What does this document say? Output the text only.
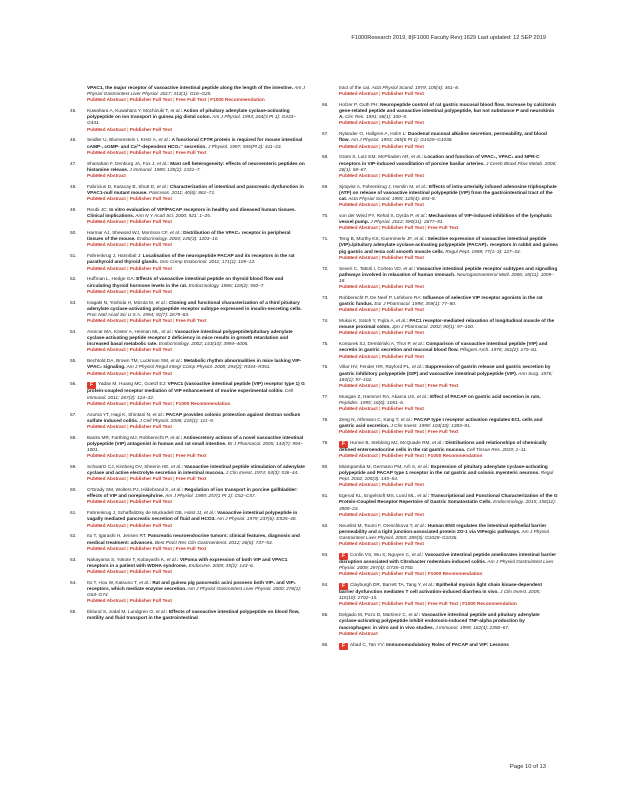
F1000Research 2019, 8(F1000 Faculty Rev):1629 Last updated: 12 SEP 2019
VPAC1, the major receptor of vasoactive intestinal peptide along the length of the intestine. Am J Physiol Gastrointest Liver Physiol. 2017; 313(1): G16–G25.
PubMed Abstract | Publisher Full Text | Free Full Text | F1000 Recommendation
45.	Kuwahara A, Kuwahara Y, Mochizuki T, et al.: Action of pituitary adenylate cyclase-activating polypeptide on ion transport in guinea pig distal colon. Am J Physiol. 1993; 264(3 Pt 1): G433–G441.
PubMed Abstract | Publisher Full Text
46.	Seidler U, Blumenstein I, Kretz A, et al.: A functional CFTR protein is required for mouse intestinal cAMP-, cGMP- and Ca²⁺-dependent HCO₃⁻ secretion. J Physiol. 1997; 505(Pt 2): 411–23.
PubMed Abstract | Publisher Full Text | Free Full Text
47.	Shanahan F, Denburg JA, Fox J, et al.: Mast cell heterogeneity: effects of neuroenteric peptides on histamine release. J Immunol. 1985; 135(2): 1331–7.
PubMed Abstract
48.	Fabricius D, Karacay B, Shutt D, et al.: Characterization of intestinal and pancreatic dysfunction in VPAC1-null mutant mouse. Pancreas. 2011; 40(6): 861–71.
PubMed Abstract | Publisher Full Text
49.	Reubi JC: In vitro evaluation of VIP/PACAP receptors in healthy and diseased human tissues. Clinical implications. Ann N Y Acad Sci. 2000; 921: 1–25.
PubMed Abstract | Publisher Full Text
50.	Harmar AJ, Sheward WJ, Morrison CF, et al.: Distribution of the VPAC₂ receptor in peripheral tissues of the mouse. Endocrinology. 2004; 145(3): 1203–10.
PubMed Abstract | Publisher Full Text
51.	Fahrenkrug J, Hannibal J: Localisation of the neuropeptide PACAP and its receptors in the rat parathyroid and thyroid glands. Gen Comp Endocrinol. 2011; 171(1): 105–13.
PubMed Abstract | Publisher Full Text
52.	Huffman L, Hedge GA: Effects of vasoactive intestinal peptide on thyroid blood flow and circulating thyroid hormone levels in the rat. Endocrinology. 1986; 118(2): 550–7.
PubMed Abstract | Publisher Full Text
53.	Inagaki N, Yoshida H, Mizuta M, et al.: Cloning and functional characterization of a third pituitary adenylate cyclase-activating polypeptide receptor subtype expressed in insulin-secreting cells. Proc Natl Acad Sci U S A. 1994; 91(7): 2679–83.
PubMed Abstract | Publisher Full Text | Free Full Text
54.	Asnicar MA, Köster A, Heiman ML, et al.: Vasoactive intestinal polypeptide/pituitary adenylate cyclase-activating peptide receptor 2 deficiency in mice results in growth retardation and increased basal metabolic rate. Endocrinology. 2002; 143(10): 3994–4006.
PubMed Abstract | Publisher Full Text
55.	Bechtold DA, Brown TM, Luckman SM, et al.: Metabolic rhythm abnormalities in mice lacking VIP-VPAC₂ signaling. Am J Physiol Regul Integr Comp Physiol. 2008; 294(2): R344–R351.
PubMed Abstract | Publisher Full Text
56.	F Yadav M, Huang MC, Goetzl EJ: VPAC1 (vasoactive intestinal peptide (VIP) receptor type 1) G protein-coupled receptor mediation of VIP enhancement of murine experimental colitis. Cell Immunol. 2011; 267(2): 124–32.
PubMed Abstract | Publisher Full Text | F1000 Recommendation
57.	Azuma YT, Hagi K, Shintani N, et al.: PACAP provides colonic protection against dextran sodium sulfate induced colitis. J Cell Physiol. 2008; 216(1): 111–9.
PubMed Abstract | Publisher Full Text
58.	Banks MR, Farthing MJ, Robberecht P, et al.: Antisecretory actions of a novel vasoactive intestinal polypeptide (VIP) antagonist in human and rat small intestine. Br J Pharmacol. 2005; 144(7): 994–1001.
PubMed Abstract | Publisher Full Text | Free Full Text
59.	Schwartz CJ, Kimberg DV, Sheerin HE, et al.: Vasoactive intestinal peptide stimulation of adenylate cyclase and active electrolyte secretion in intestinal mucosa. J Clin Invest. 1974; 54(3): 536–44.
PubMed Abstract | Publisher Full Text | Free Full Text
60.	O'Grady SM, Wolters PJ, Hildebrand K, et al.: Regulation of ion transport in porcine gallbladder: effects of VIP and norepinephrine. Am J Physiol. 1989; 257(1 Pt 1): C52–C57.
PubMed Abstract | Publisher Full Text
61.	Fahrenkrug J, Schaffalitzky de Muckadell OB, Holst JJ, et al.: Vasoactive intestinal polypeptide in vagally mediated pancreatic secretion of fluid and HCO3. Am J Physiol. 1979; 237(6): E535–40.
PubMed Abstract | Publisher Full Text
62.	Ito T, Igarashi H, Jensen RT: Pancreatic neuroendocrine tumors: clinical features, diagnosis and medical treatment: advances. Best Pract Res Clin Gastroenterol. 2012; 26(6): 737–53.
PubMed Abstract | Publisher Full Text | Free Full Text
63.	Nakayama S, Yokote T, Kobayashi K, et al.: VIPoma with expression of both VIP and VPAC1 receptors in a patient with WDHA syndrome. Endocrine. 2009; 35(2): 143–6.
PubMed Abstract | Publisher Full Text
64.	Ito T, Hou W, Katsuno T, et al.: Rat and guinea pig pancreatic acini possess both VIP₁ and VIP₂ receptors, which mediate enzyme secretion. Am J Physiol Gastrointest Liver Physiol. 2000; 278(1): G64–G74.
PubMed Abstract | Publisher Full Text
65.	Eklund S, Jodal M, Lundgren O, et al.: Effects of vasoactive intestinal polypeptide on blood flow, motility and fluid transport in the gastrointestinal
tract of the cat. Acta Physiol Scand. 1979; 105(4): 461–8.
PubMed Abstract | Publisher Full Text
66.	Holzer P, Guth PH: Neuropeptide control of rat gastric mucosal blood flow. Increase by calcitonin gene-related peptide and vasoactive intestinal polypeptide, but not substance P and neurokinin A. Circ Res. 1991; 68(1): 100–5.
PubMed Abstract | Publisher Full Text
67.	Nylander O, Hallgren A, Holm L: Duodenal mucosal alkaline secretion, permeability, and blood flow. Am J Physiol. 1993; 265(6 Pt 1): G1029–G1038.
PubMed Abstract | Publisher Full Text
68.	Grant S, Lutz EM, McPhaden AR, et al.: Location and function of VPAC₁, VPAC₂ and NPR-C receptors in VIP-induced vasodilation of porcine basilar arteries. J Cereb Blood Flow Metab. 2006; 26(1): 58–67.
PubMed Abstract | Publisher Full Text
69.	Sjöqvist A, Fahrenkrug J, Hemlin M, et al.: Effects of intra-arterially infused adenosine triphosphate (ATP) on release of vasoactive intestinal polypeptide (VIP) from the gastrointestinal tract of the cat. Acta Physiol Scand. 1985; 125(4): 693–8.
PubMed Abstract | Publisher Full Text
70.	von der Weid PY, Rehal S, Dyrda P, et al.: Mechanisms of VIP-induced inhibition of the lymphatic vessel pump. J Physiol. 2012; 590(11): 2677–91.
PubMed Abstract | Publisher Full Text | Free Full Text
71.	Teng B, Murthy KS, Kuemmerle JF, et al.: Selective expression of vasoactive intestinal peptide (VIP)₂/pituitary adenylate cyclase-activating polypeptide (PACAP)₃ receptors in rabbit and guinea pig gastric and tenia coli smooth muscle cells. Regul Pept. 1998; 77(1–3): 127–34.
PubMed Abstract | Publisher Full Text
72.	Severi C, Tattoli I, Corleto VD, et al.: Vasoactive intestinal peptide receptor subtypes and signalling pathways involved in relaxation of human stomach. Neurogastroenterol Motil. 2006; 18(11): 1009–18.
PubMed Abstract | Publisher Full Text
73.	Robberecht P, De Neef P, Lefebvre RA: Influence of selective VIP receptor agonists in the rat gastric fundus. Eur J Pharmacol. 1998; 359(1): 77–80.
PubMed Abstract | Publisher Full Text
74.	Mukai K, Satoh Y, Fujita A, et al.: PAC1 receptor-mediated relaxation of longitudinal muscle of the mouse proximal colon. Jpn J Pharmacol. 2002; 90(1): 97–100.
PubMed Abstract | Publisher Full Text
75.	Konturek SJ, Dembiński A, Thor P, et al.: Comparison of vasoactive intestinal peptide (VIP) and secretin in gastric secretion and mucosal blood flow. Pflugers Arch. 1976; 361(2): 175–81.
PubMed Abstract | Publisher Full Text
76.	Villar HV, Fender HR, Rayford PL, et al.: Suppression of gastrin release and gastric secretion by gastric inhibitory polypeptide (GIP) and vasoactive intestinal polypeptide (VIP). Ann Surg. 1976; 184(1): 97–102.
PubMed Abstract | Publisher Full Text | Free Full Text
77.	Mungan Z, Hammer RA, Akarca US, et al.: Effect of PACAP on gastric acid secretion in rats. Peptides. 1995; 16(6): 1051–6.
PubMed Abstract | Publisher Full Text
78.	Zeng N, Athmann C, Kang T, et al.: PACAP type I receptor activation regulates ECL cells and gastric acid secretion. J Clin Invest. 1999; 104(10): 1383–91.
PubMed Abstract | Publisher Full Text | Free Full Text
79.	F Hunne B, Stebbing MJ, McQuade RM, et al.: Distributions and relationships of chemically defined enteroendocrine cells in the rat gastric mucosa. Cell Tissue Res. 2019; 1–11.
PubMed Abstract | Publisher Full Text | F1000 Recommendation
80.	Miampamba M, Germano PM, Arli S, et al.: Expression of pituitary adenylate cyclase-activating polypeptide and PACAP type 1 receptor in the rat gastric and colonic myenteric neurons. Regul Pept. 2002; 105(3): 145–54.
PubMed Abstract | Publisher Full Text
81.	Egerod KL, Engelstoft MS, Lund ML, et al.: Transcriptional and Functional Characterization of the G Protein-Coupled Receptor Repertoire of Gastric Somatostatin Cells. Endocrinology. 2015; 156(11): 3909–23.
PubMed Abstract | Publisher Full Text
82.	Neunlist M, Toumi F, Oreschkova T, et al.: Human ENS regulates the intestinal epithelial barrier permeability and a tight junction-associated protein ZO-1 via VIPergic pathways. Am J Physiol Gastrointest Liver Physiol. 2003; 285(5): G1028–G1036.
PubMed Abstract | Publisher Full Text
83.	F Conlin VS, Wu X, Nguyen C, et al.: Vasoactive intestinal peptide ameliorates intestinal barrier disruption associated with Citrobacter rodentium-induced colitis. Am J Physiol Gastrointest Liver Physiol. 2009; 297(4): G735–G750.
PubMed Abstract | Publisher Full Text | F1000 Recommendation
84.	F Clayburgh DR, Barrett TA, Tang Y, et al.: Epithelial myosin light chain kinase-dependent barrier dysfunction mediates T cell activation-induced diarrhea in vivo. J Clin Invest. 2005; 115(10): 2702–15.
PubMed Abstract | Publisher Full Text | Free Full Text | F1000 Recommendation
85.	Delgado M, Pozo D, Martinez C, et al.: Vasoactive intestinal peptide and pituitary adenylate cyclase-activating polypeptide inhibit endotoxin-induced TNF-alpha production by macrophages: in vitro and in vivo studies. J Immunol. 1999; 162(4): 2358–67.
PubMed Abstract
86.	F Abad C, Tan YV: Immunomodulatory Roles of PACAP and VIP: Lessons
Page 10 of 13
